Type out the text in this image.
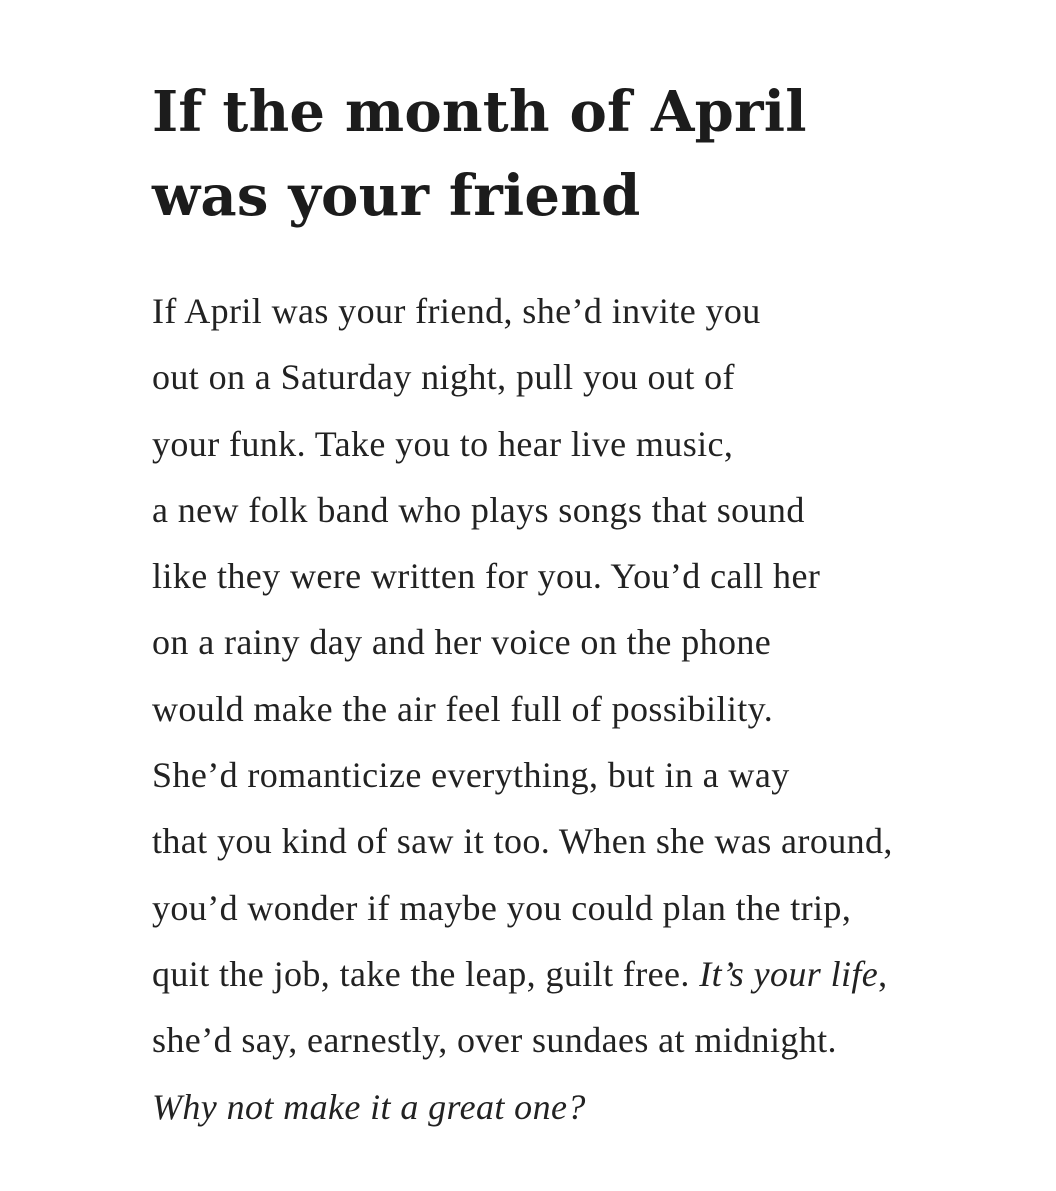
If the month of April
was your friend
If April was your friend, she’d invite you
out on a Saturday night, pull you out of
your funk. Take you to hear live music,
a new folk band who plays songs that sound
like they were written for you. You’d call her
on a rainy day and her voice on the phone
would make the air feel full of possibility.
She’d romanticize everything, but in a way
that you kind of saw it too. When she was around,
you’d wonder if maybe you could plan the trip,
quit the job, take the leap, guilt free. It’s your life,
she’d say, earnestly, over sundaes at midnight.
Why not make it a great one?
